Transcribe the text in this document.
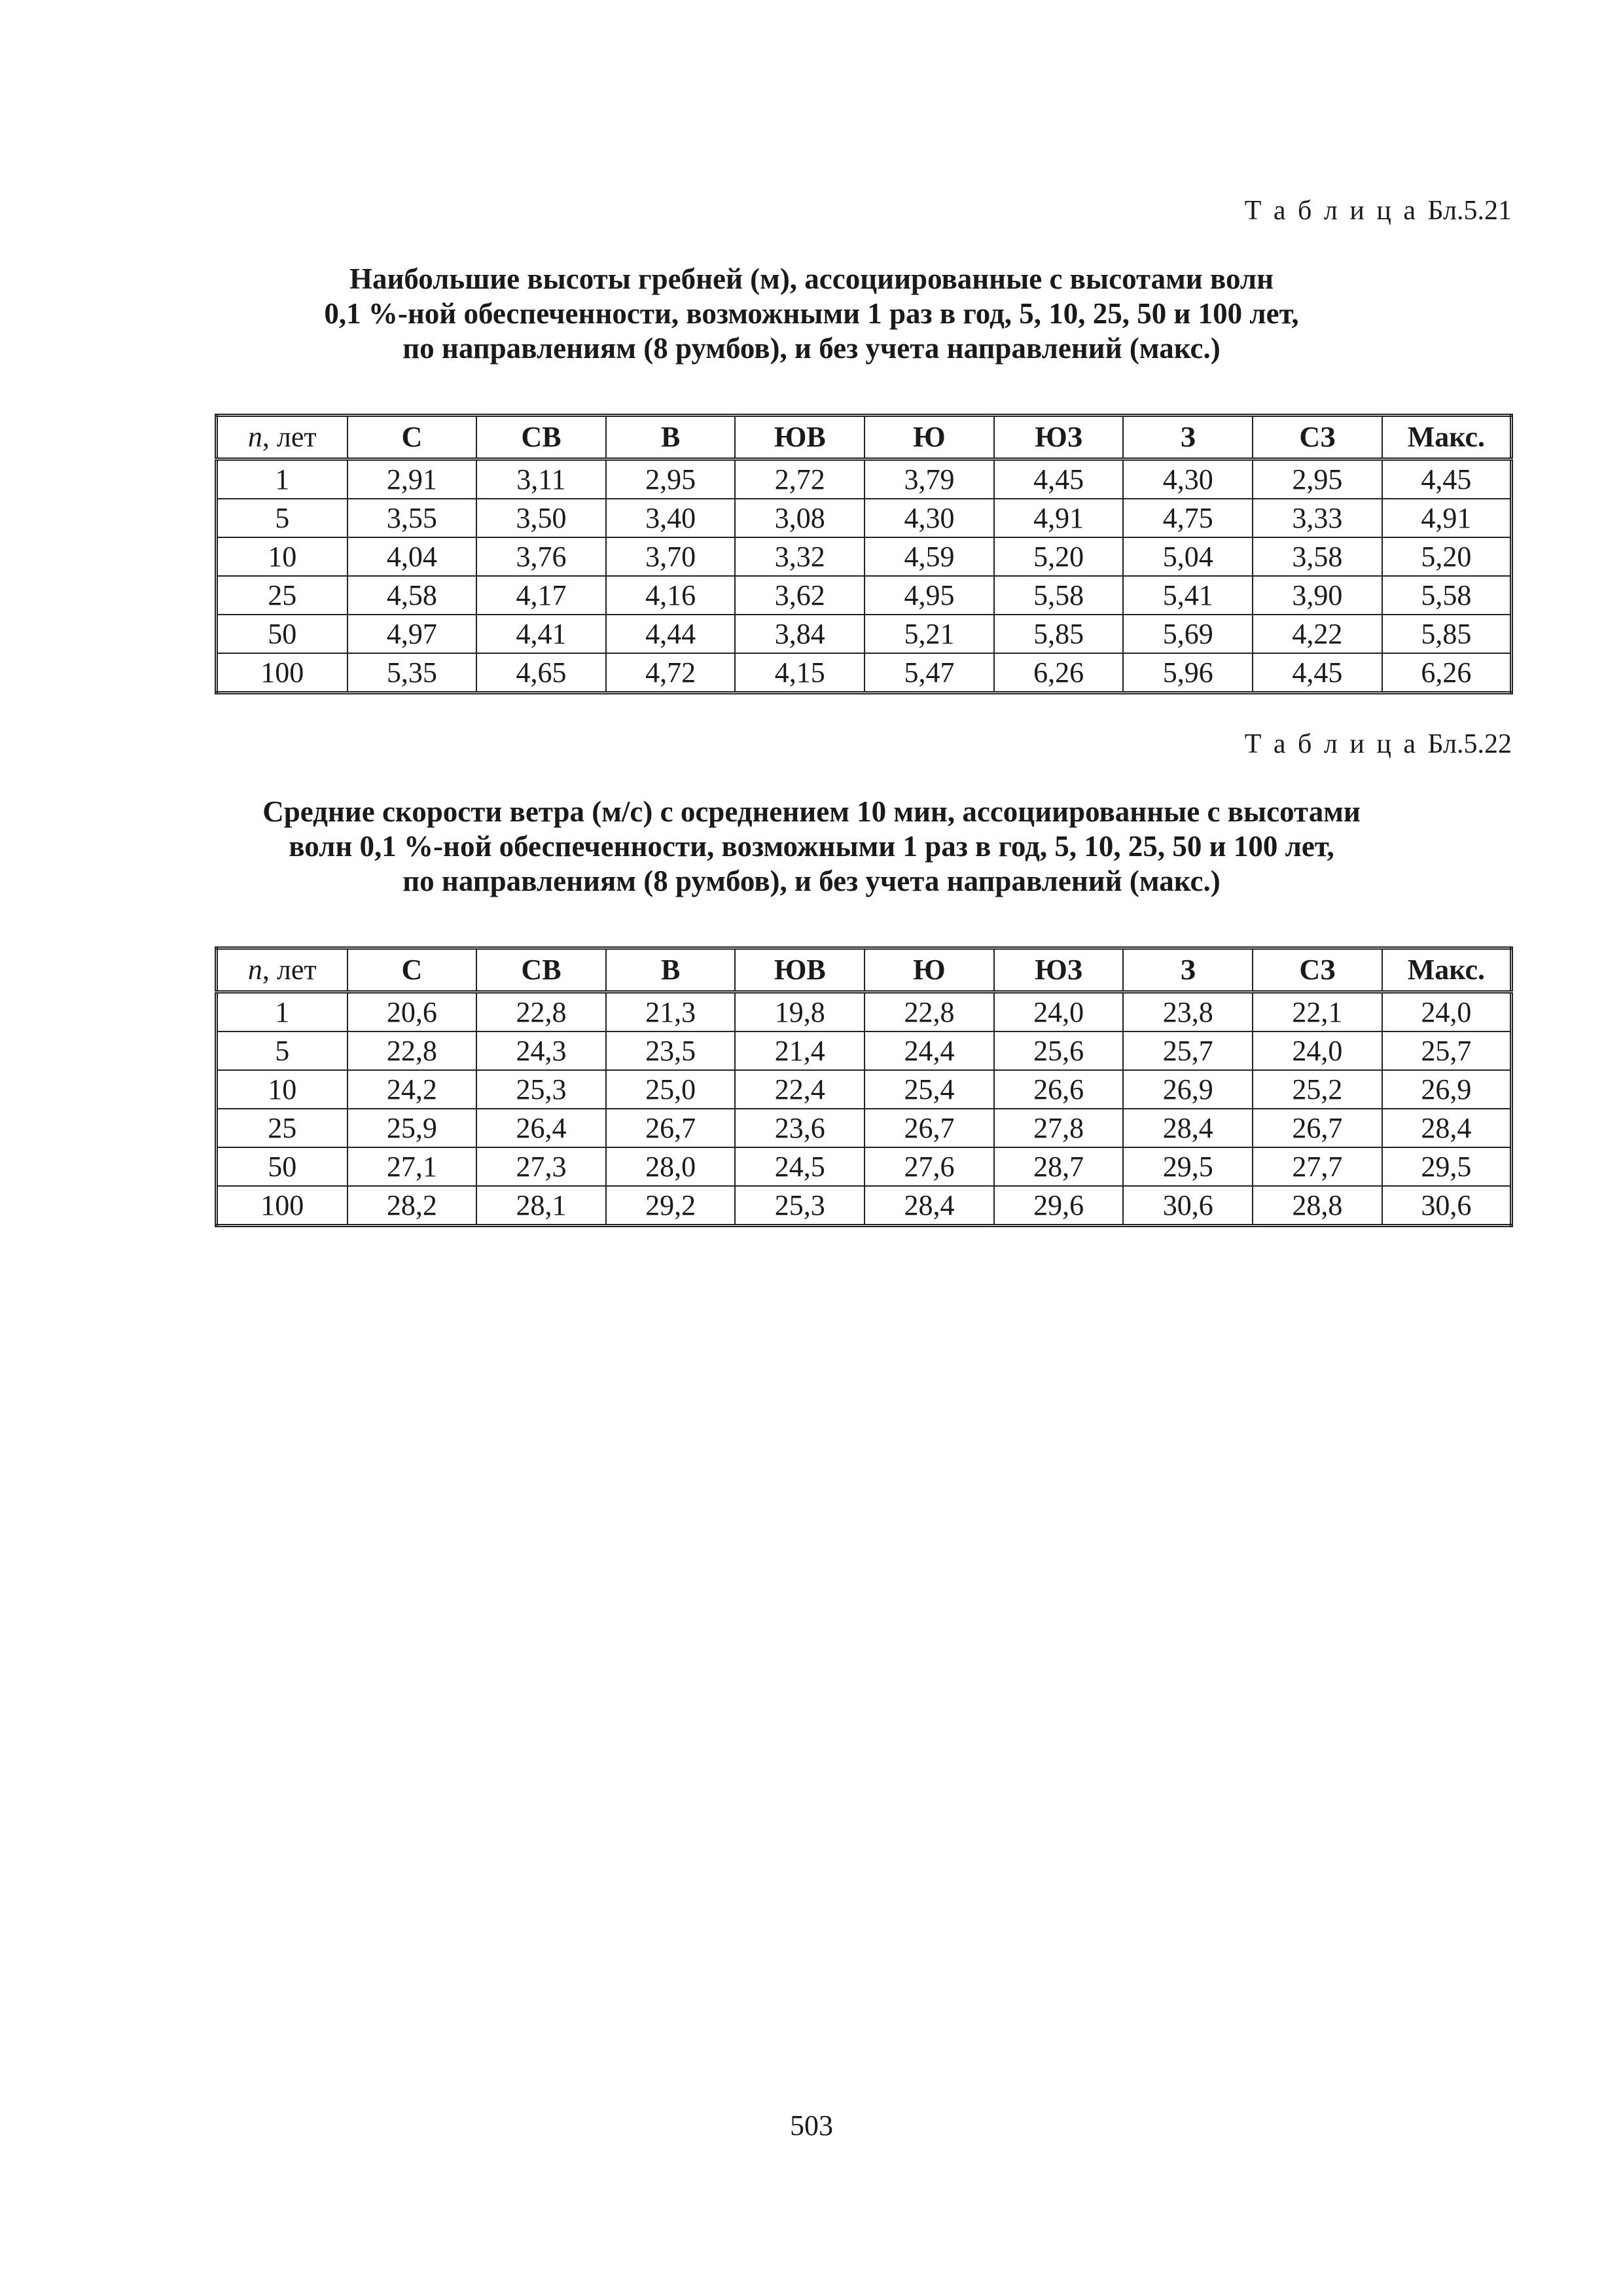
Т а б л и ц а Бл.5.21
Наибольшие высоты гребней (м), ассоциированные с высотами волн
0,1 %-ной обеспеченности, возможными 1 раз в год, 5, 10, 25, 50 и 100 лет,
по направлениям (8 румбов), и без учета направлений (макс.)
n, лет	С	СВ	В	ЮВ	Ю	ЮЗ	З	СЗ	Макс.
1	2,91	3,11	2,95	2,72	3,79	4,45	4,30	2,95	4,45
5	3,55	3,50	3,40	3,08	4,30	4,91	4,75	3,33	4,91
10	4,04	3,76	3,70	3,32	4,59	5,20	5,04	3,58	5,20
25	4,58	4,17	4,16	3,62	4,95	5,58	5,41	3,90	5,58
50	4,97	4,41	4,44	3,84	5,21	5,85	5,69	4,22	5,85
100	5,35	4,65	4,72	4,15	5,47	6,26	5,96	4,45	6,26
Т а б л и ц а Бл.5.22
Средние скорости ветра (м/с) с осреднением 10 мин, ассоциированные с высотами
волн 0,1 %-ной обеспеченности, возможными 1 раз в год, 5, 10, 25, 50 и 100 лет,
по направлениям (8 румбов), и без учета направлений (макс.)
n, лет	С	СВ	В	ЮВ	Ю	ЮЗ	З	СЗ	Макс.
1	20,6	22,8	21,3	19,8	22,8	24,0	23,8	22,1	24,0
5	22,8	24,3	23,5	21,4	24,4	25,6	25,7	24,0	25,7
10	24,2	25,3	25,0	22,4	25,4	26,6	26,9	25,2	26,9
25	25,9	26,4	26,7	23,6	26,7	27,8	28,4	26,7	28,4
50	27,1	27,3	28,0	24,5	27,6	28,7	29,5	27,7	29,5
100	28,2	28,1	29,2	25,3	28,4	29,6	30,6	28,8	30,6
503
